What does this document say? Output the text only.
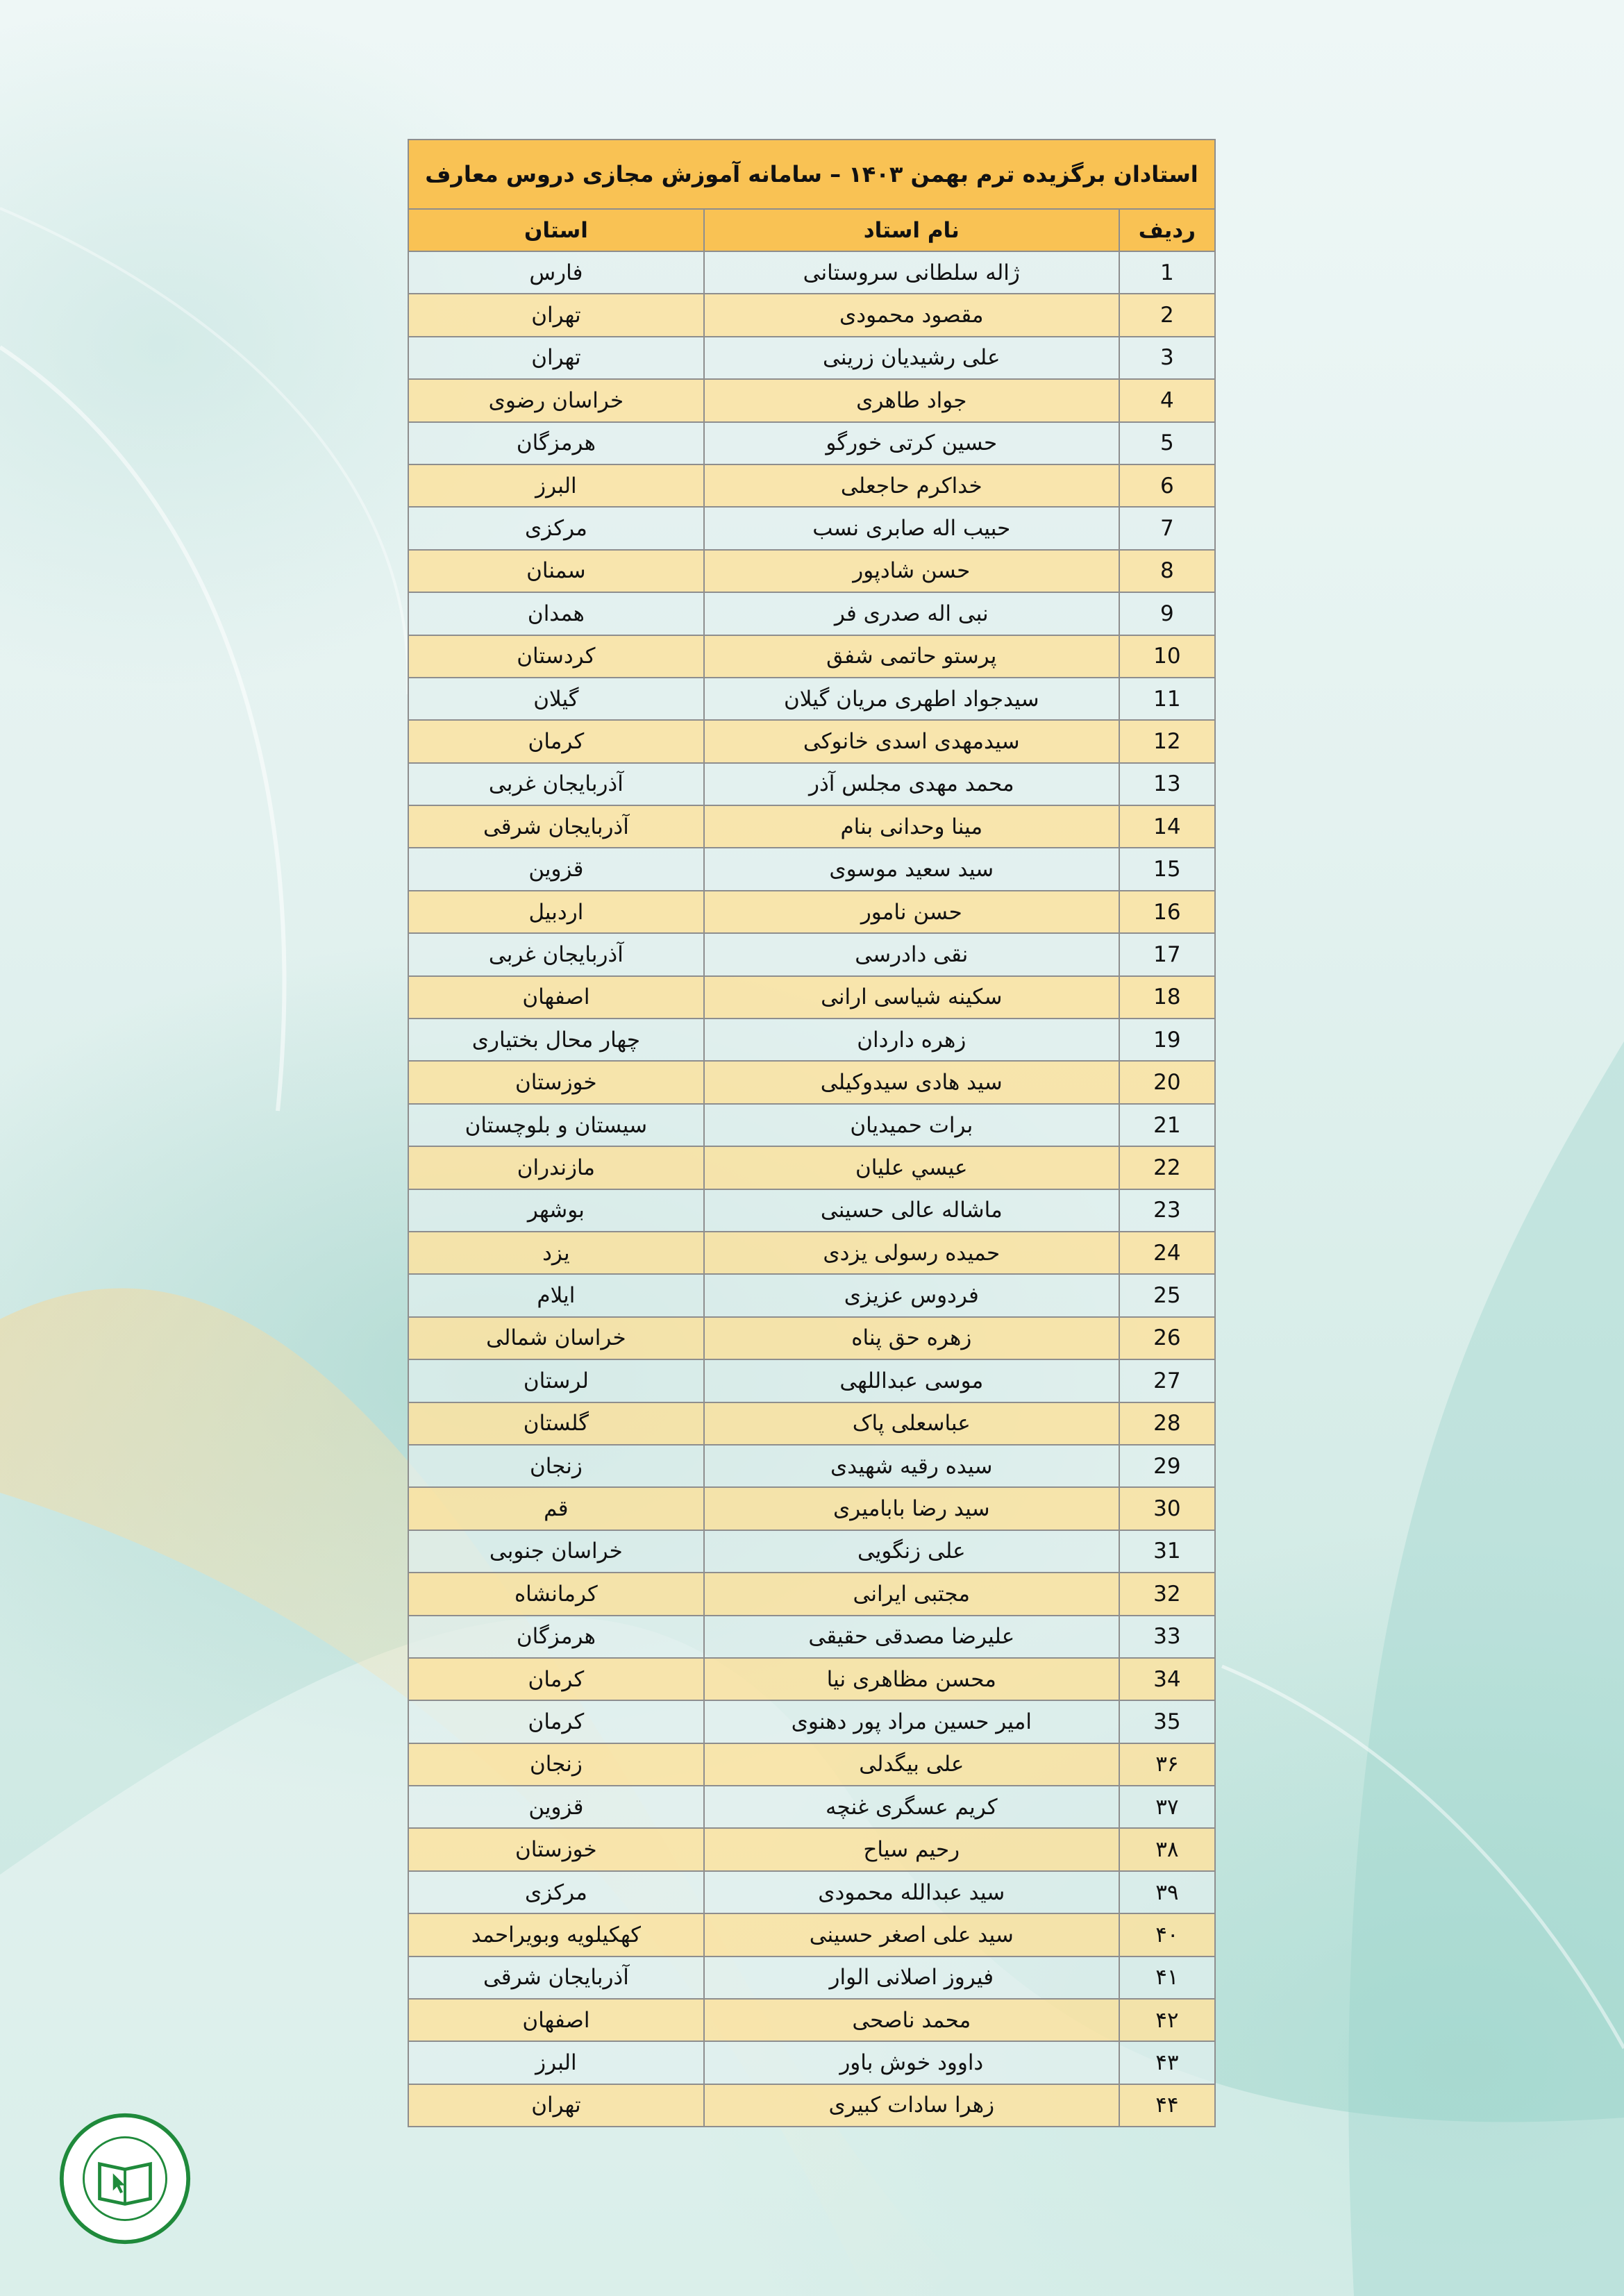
استادان برگزیده ترم بهمن ۱۴۰۳ – سامانه آموزش مجازی دروس معارف		
ردیف	نام استاد	استان
1	ژاله سلطانی سروستانی	فارس
2	مقصود محمودی	تهران
3	علی رشیدیان زرینی	تهران
4	جواد طاهری	خراسان رضوی
5	حسین کرتی خورگو	هرمزگان
6	خداکرم حاجعلی	البرز
7	حبیب اله صابری نسب	مرکزی
8	حسن شادپور	سمنان
9	نبی اله صدری فر	همدان
10	پرستو حاتمی شفق	کردستان
11	سیدجواد اطهری مریان گیلان	گیلان
12	سیدمهدی اسدی خانوکی	کرمان
13	محمد مهدی مجلس آذر	آذربایجان غربی
14	مینا وحدانی بنام	آذربایجان شرقی
15	سید سعید موسوی	قزوین
16	حسن نامور	اردبیل
17	نقی دادرسی	آذربایجان غربی
18	سکینه شیاسی ارانی	اصفهان
19	زهره داردان	چهار محال بختیاری
20	سید هادی سیدوکیلی	خوزستان
21	برات حمیدیان	سیستان و بلوچستان
22	عيسي عليان	مازندران
23	ماشاله عالی حسینی	بوشهر
24	حمیده رسولی یزدی	یزد
25	فردوس عزیزی	ایلام
26	زهره حق پناه	خراسان شمالی
27	موسی عبداللهی	لرستان
28	عباسعلی پاک	گلستان
29	سیده رقیه شهیدی	زنجان
30	سید رضا بابامیری	قم
31	علی زنگویی	خراسان جنوبی
32	مجتبی ایرانی	کرمانشاه
33	علیرضا مصدقی حقیقی	هرمزگان
34	محسن مظاهری نیا	کرمان
35	امیر حسین مراد پور دهنوی	کرمان
۳۶	علی بیگدلی	زنجان
۳۷	کریم عسگری غنچه	قزوین
۳۸	رحیم سیاح	خوزستان
۳۹	سید عبدالله محمودی	مرکزی
۴۰	سید علی اصغر حسینی	کهکیلویه وبویراحمد
۴۱	فیروز اصلانی الوار	آذربایجان شرقی
۴۲	محمد ناصحی	اصفهان
۴۳	داوود خوش باور	البرز
۴۴	زهرا سادات کبیری	تهران
